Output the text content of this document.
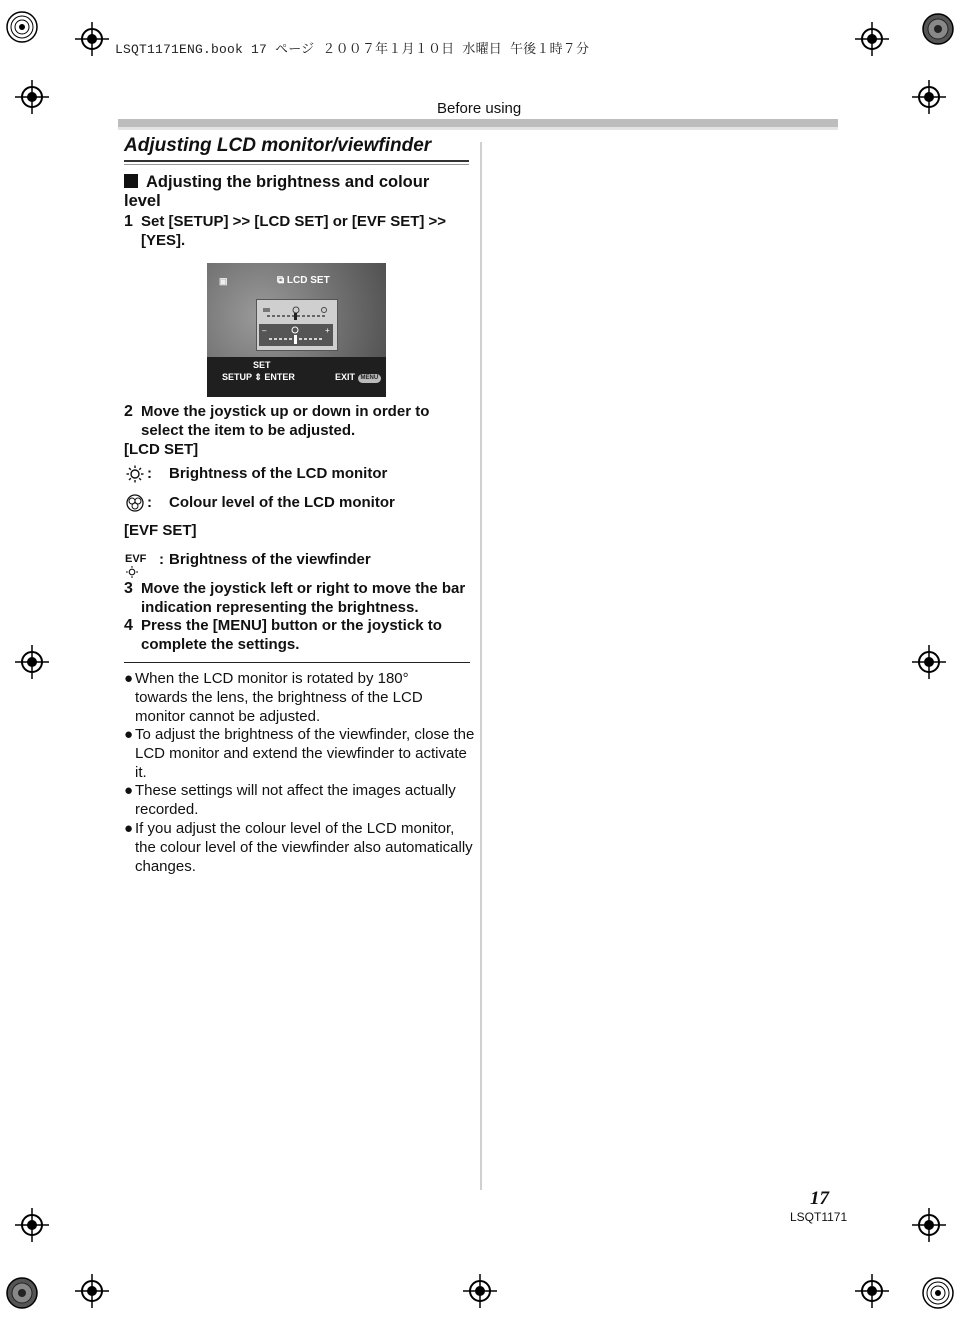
LSQT1171ENG.book 17 ページ ２００７年１月１０日 水曜日 午後１時７分
Before using
Adjusting LCD monitor/viewfinder
Adjusting the brightness and colour level
1 Set [SETUP] >> [LCD SET] or [EVF SET] >> [YES].
▣	⧉ LCD SET
–	+
SET
SETUP ⇕ ENTER	EXIT MENU
2 Move the joystick up or down in order to select the item to be adjusted.
[LCD SET]
: Brightness of the LCD monitor
: Colour level of the LCD monitor
[EVF SET]
EVF : Brightness of the viewfinder
3 Move the joystick left or right to move the bar indication representing the brightness.
4 Press the [MENU] button or the joystick to complete the settings.
● When the LCD monitor is rotated by 180° towards the lens, the brightness of the LCD monitor cannot be adjusted.
● To adjust the brightness of the viewfinder, close the LCD monitor and extend the viewfinder to activate it.
● These settings will not affect the images actually recorded.
● If you adjust the colour level of the LCD monitor, the colour level of the viewfinder also automatically changes.
17
LSQT1171
